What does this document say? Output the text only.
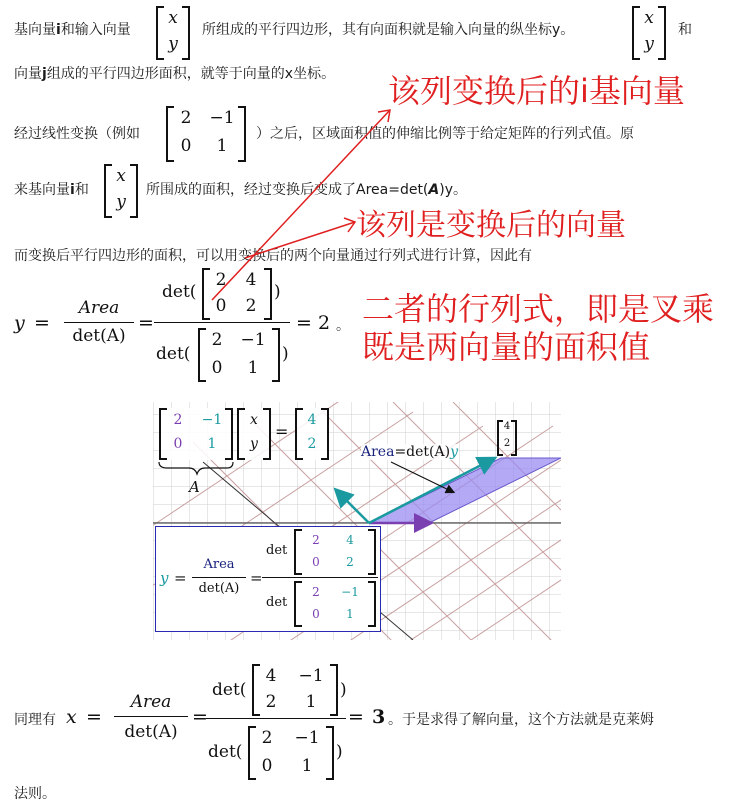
基向量i和输入向量
x
y
所组成的平行四边形，其有向面积就是输入向量的纵坐标y。
x
y
和
向量j组成的平行四边形面积，就等于向量的x坐标。
经过线性变换（例如
2	−1
0	1
）之后，区域面积值的伸缩比例等于给定矩阵的行列式值。原
来基向量i和
x
y
所围成的面积，经过变换后变成了Area=det(A)y。
而变换后平行四边形的面积，可以用变换后的两个向量通过行列式进行计算，因此有
y =
Area
det(A)
=
det(
2	4
0	2
)
det(
2	−1
0	1
)
= 2 。
该列变换后的i基向量
该列是变换后的向量
二者的行列式，即是叉乘
既是两向量的面积值
2	−1
0	1
x
y
=
4
2
A
Area=det(A)y
4
2
y =
Area
det(A)
=
det
2	4
0	2
det
2	−1
0	1
同理有 x =
Area
det(A)
=
det(
4	−1
2	1
)
det(
2	−1
0	1
)
= 3 。于是求得了解向量，这个方法就是克莱姆
法则。
